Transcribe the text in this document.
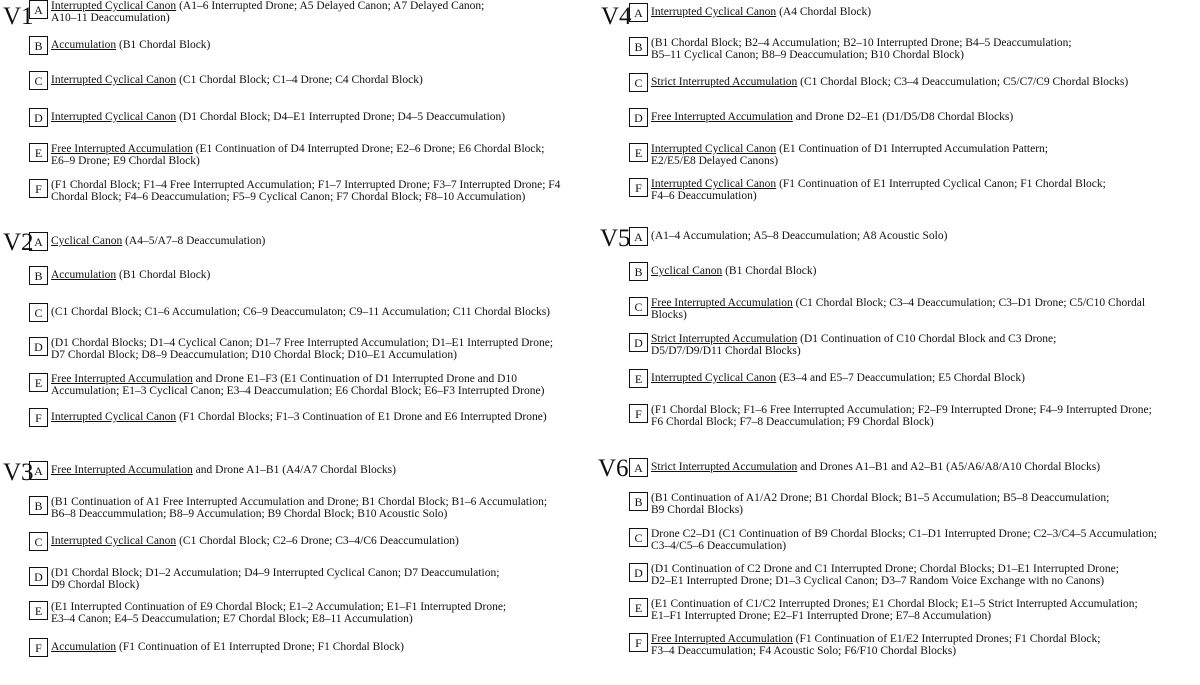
V1 A Interrupted Cyclical Canon (A1–6 Interrupted Drone; A5 Delayed Canon; A7 Delayed Canon;
A10–11 Deaccumulation)
B Accumulation (B1 Chordal Block)
C Interrupted Cyclical Canon (C1 Chordal Block; C1–4 Drone; C4 Chordal Block)
D Interrupted Cyclical Canon (D1 Chordal Block; D4–E1 Interrupted Drone; D4–5 Deaccumulation)
E Free Interrupted Accumulation (E1 Continuation of D4 Interrupted Drone; E2–6 Drone; E6 Chordal Block;
E6–9 Drone; E9 Chordal Block)
F (F1 Chordal Block; F1–4 Free Interrupted Accumulation; F1–7 Interrupted Drone; F3–7 Interrupted Drone; F4
Chordal Block; F4–6 Deaccumulation; F5–9 Cyclical Canon; F7 Chordal Block; F8–10 Accumulation)
V2 A Cyclical Canon (A4–5/A7–8 Deaccumulation)
B Accumulation (B1 Chordal Block)
C (C1 Chordal Block; C1–6 Accumulation; C6–9 Deaccumulaton; C9–11 Accumulation; C11 Chordal Blocks)
D (D1 Chordal Blocks; D1–4 Cyclical Canon; D1–7 Free Interrupted Accumulation; D1–E1 Interrupted Drone;
D7 Chordal Block; D8–9 Deaccumulation; D10 Chordal Block; D10–E1 Accumulation)
E Free Interrupted Accumulation and Drone E1–F3 (E1 Continuation of D1 Interrupted Drone and D10
Accumulation; E1–3 Cyclical Canon; E3–4 Deaccumulation; E6 Chordal Block; E6–F3 Interrupted Drone)
F Interrupted Cyclical Canon (F1 Chordal Blocks; F1–3 Continuation of E1 Drone and E6 Interrupted Drone)
V3 A Free Interrupted Accumulation and Drone A1–B1 (A4/A7 Chordal Blocks)
B (B1 Continuation of A1 Free Interrupted Accumulation and Drone; B1 Chordal Block; B1–6 Accumulation;
B6–8 Deaccummulation; B8–9 Accumulation; B9 Chordal Block; B10 Acoustic Solo)
C Interrupted Cyclical Canon (C1 Chordal Block; C2–6 Drone; C3–4/C6 Deaccumulation)
D (D1 Chordal Block; D1–2 Accumulation; D4–9 Interrupted Cyclical Canon; D7 Deaccumulation;
D9 Chordal Block)
E (E1 Interrupted Continuation of E9 Chordal Block; E1–2 Accumulation; E1–F1 Interrupted Drone;
E3–4 Canon; E4–5 Deaccumulation; E7 Chordal Block; E8–11 Accumulation)
F Accumulation (F1 Continuation of E1 Interrupted Drone; F1 Chordal Block)
V4 A Interrupted Cyclical Canon (A4 Chordal Block)
B (B1 Chordal Block; B2–4 Accumulation; B2–10 Interrupted Drone; B4–5 Deaccumulation;
B5–11 Cyclical Canon; B8–9 Deaccumulation; B10 Chordal Block)
C Strict Interrupted Accumulation (C1 Chordal Block; C3–4 Deaccumulation; C5/C7/C9 Chordal Blocks)
D Free Interrupted Accumulation and Drone D2–E1 (D1/D5/D8 Chordal Blocks)
E Interrupted Cyclical Canon (E1 Continuation of D1 Interrupted Accumulation Pattern;
E2/E5/E8 Delayed Canons)
F Interrupted Cyclical Canon (F1 Continuation of E1 Interrupted Cyclical Canon; F1 Chordal Block;
F4–6 Deaccumulation)
V5 A (A1–4 Accumulation; A5–8 Deaccumulation; A8 Acoustic Solo)
B Cyclical Canon (B1 Chordal Block)
C Free Interrupted Accumulation (C1 Chordal Block; C3–4 Deaccumulation; C3–D1 Drone; C5/C10 Chordal
Blocks)
D Strict Interrupted Accumulation (D1 Continuation of C10 Chordal Block and C3 Drone;
D5/D7/D9/D11 Chordal Blocks)
E Interrupted Cyclical Canon (E3–4 and E5–7 Deaccumulation; E5 Chordal Block)
F (F1 Chordal Block; F1–6 Free Interrupted Accumulation; F2–F9 Interrupted Drone; F4–9 Interrupted Drone;
F6 Chordal Block; F7–8 Deaccumulation; F9 Chordal Block)
V6 A Strict Interrupted Accumulation and Drones A1–B1 and A2–B1 (A5/A6/A8/A10 Chordal Blocks)
B (B1 Continuation of A1/A2 Drone; B1 Chordal Block; B1–5 Accumulation; B5–8 Deaccumulation;
B9 Chordal Blocks)
C Drone C2–D1 (C1 Continuation of B9 Chordal Blocks; C1–D1 Interrupted Drone; C2–3/C4–5 Accumulation;
C3–4/C5–6 Deaccumulation)
D (D1 Continuation of C2 Drone and C1 Interrupted Drone; Chordal Blocks; D1–E1 Interrupted Drone;
D2–E1 Interrupted Drone; D1–3 Cyclical Canon; D3–7 Random Voice Exchange with no Canons)
E (E1 Continuation of C1/C2 Interrupted Drones; E1 Chordal Block; E1–5 Strict Interrupted Accumulation;
E1–F1 Interrupted Drone; E2–F1 Interrupted Drone; E7–8 Accumulation)
F Free Interrupted Accumulation (F1 Continuation of E1/E2 Interrupted Drones; F1 Chordal Block;
F3–4 Deaccumulation; F4 Acoustic Solo; F6/F10 Chordal Blocks)
